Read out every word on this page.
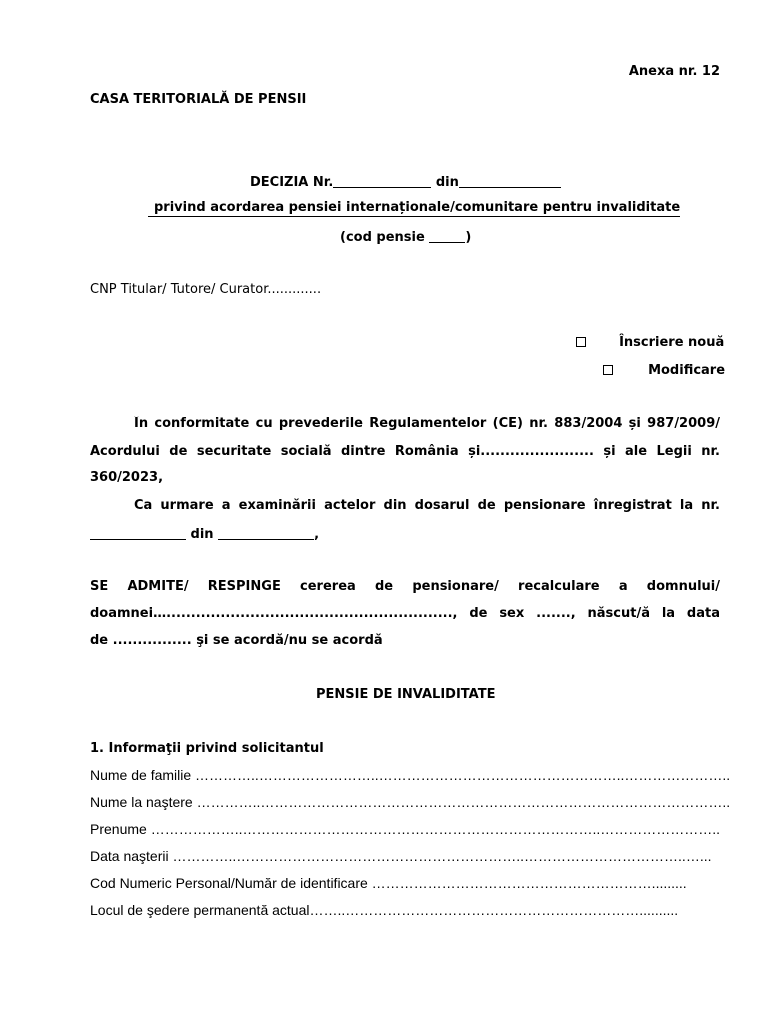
Anexa nr. 12
CASA TERITORIALĂ DE PENSII
DECIZIA Nr.	din
privind acordarea pensiei internaționale/comunitare pentru invaliditate
(cod pensie	)
CNP Titular/ Tutore/ Curator.............
Înscriere nouă
Modificare
În conformitate cu prevederile Regulamentelor (CE) nr. 883/2004 și 987/2009/
Acordului de securitate socială dintre România și....................... și ale Legii nr.
360/2023,
Ca urmare a examinării actelor din dosarul de pensionare înregistrat la nr.
din	,
SE ADMITE/ RESPINGE cererea de pensionare/ recalculare a domnului/
doamnei….........................................................., de sex ......., născut/ă la data
de ................ şi se acordă/nu se acordă
PENSIE DE INVALIDITATE
1. Informaţii privind solicitantul
Nume de familie …………..……………………..……………………………………………..…………………..
Nume la naştere …………..………………………………………………………………………………………..
Prenume ………………..…………………………………………………………………..……………………..
Data naşterii …………..……………………………………………………..……………………………..…...
Cod Numeric Personal/Număr de identificare …………………………………………………….........
Locul de şedere permanentă actual……..………………………………………………………..........
